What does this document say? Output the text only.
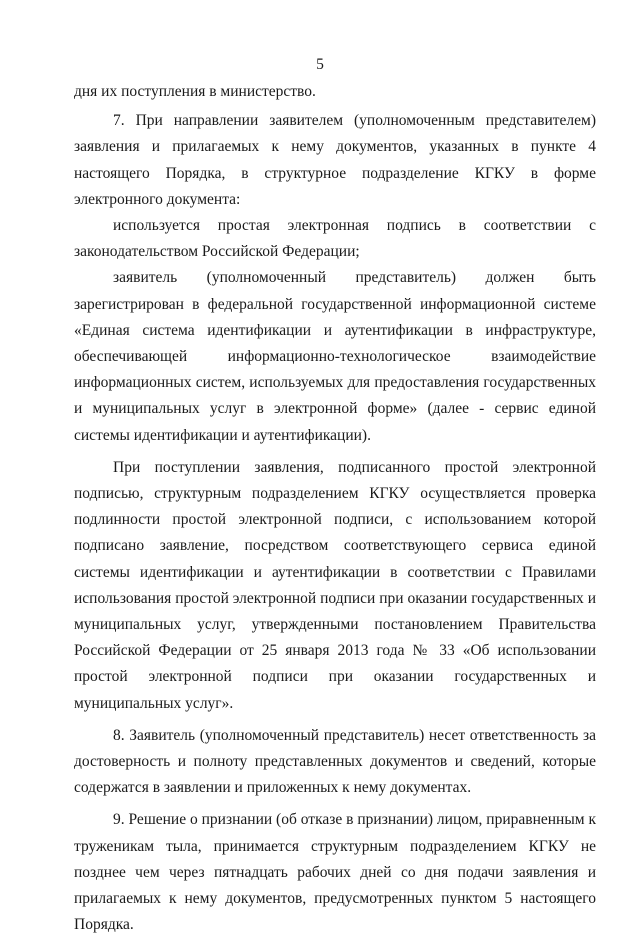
5

дня их поступления в министерство.

7. При направлении заявителем (уполномоченным представителем) заявления и прилагаемых к нему документов, указанных в пункте 4 настоящего Порядка, в структурное подразделение КГКУ в форме электронного документа:

используется простая электронная подпись в соответствии с законодательством Российской Федерации;

заявитель (уполномоченный представитель) должен быть зарегистрирован в федеральной государственной информационной системе «Единая система идентификации и аутентификации в инфраструктуре, обеспечивающей информационно-технологическое взаимодействие информационных систем, используемых для предоставления государственных и муниципальных услуг в электронной форме» (далее - сервис единой системы идентификации и аутентификации).

При поступлении заявления, подписанного простой электронной подписью, структурным подразделением КГКУ осуществляется проверка подлинности простой электронной подписи, с использованием которой подписано заявление, посредством соответствующего сервиса единой системы идентификации и аутентификации в соответствии с Правилами использования простой электронной подписи при оказании государственных и муниципальных услуг, утвержденными постановлением Правительства Российской Федерации от 25 января 2013 года № 33 «Об использовании простой электронной подписи при оказании государственных и муниципальных услуг».

8. Заявитель (уполномоченный представитель) несет ответственность за достоверность и полноту представленных документов и сведений, которые содержатся в заявлении и приложенных к нему документах.

9. Решение о признании (об отказе в признании) лицом, приравненным к труженикам тыла, принимается структурным подразделением КГКУ не позднее чем через пятнадцать рабочих дней со дня подачи заявления и прилагаемых к нему документов, предусмотренных пунктом 5 настоящего Порядка.
